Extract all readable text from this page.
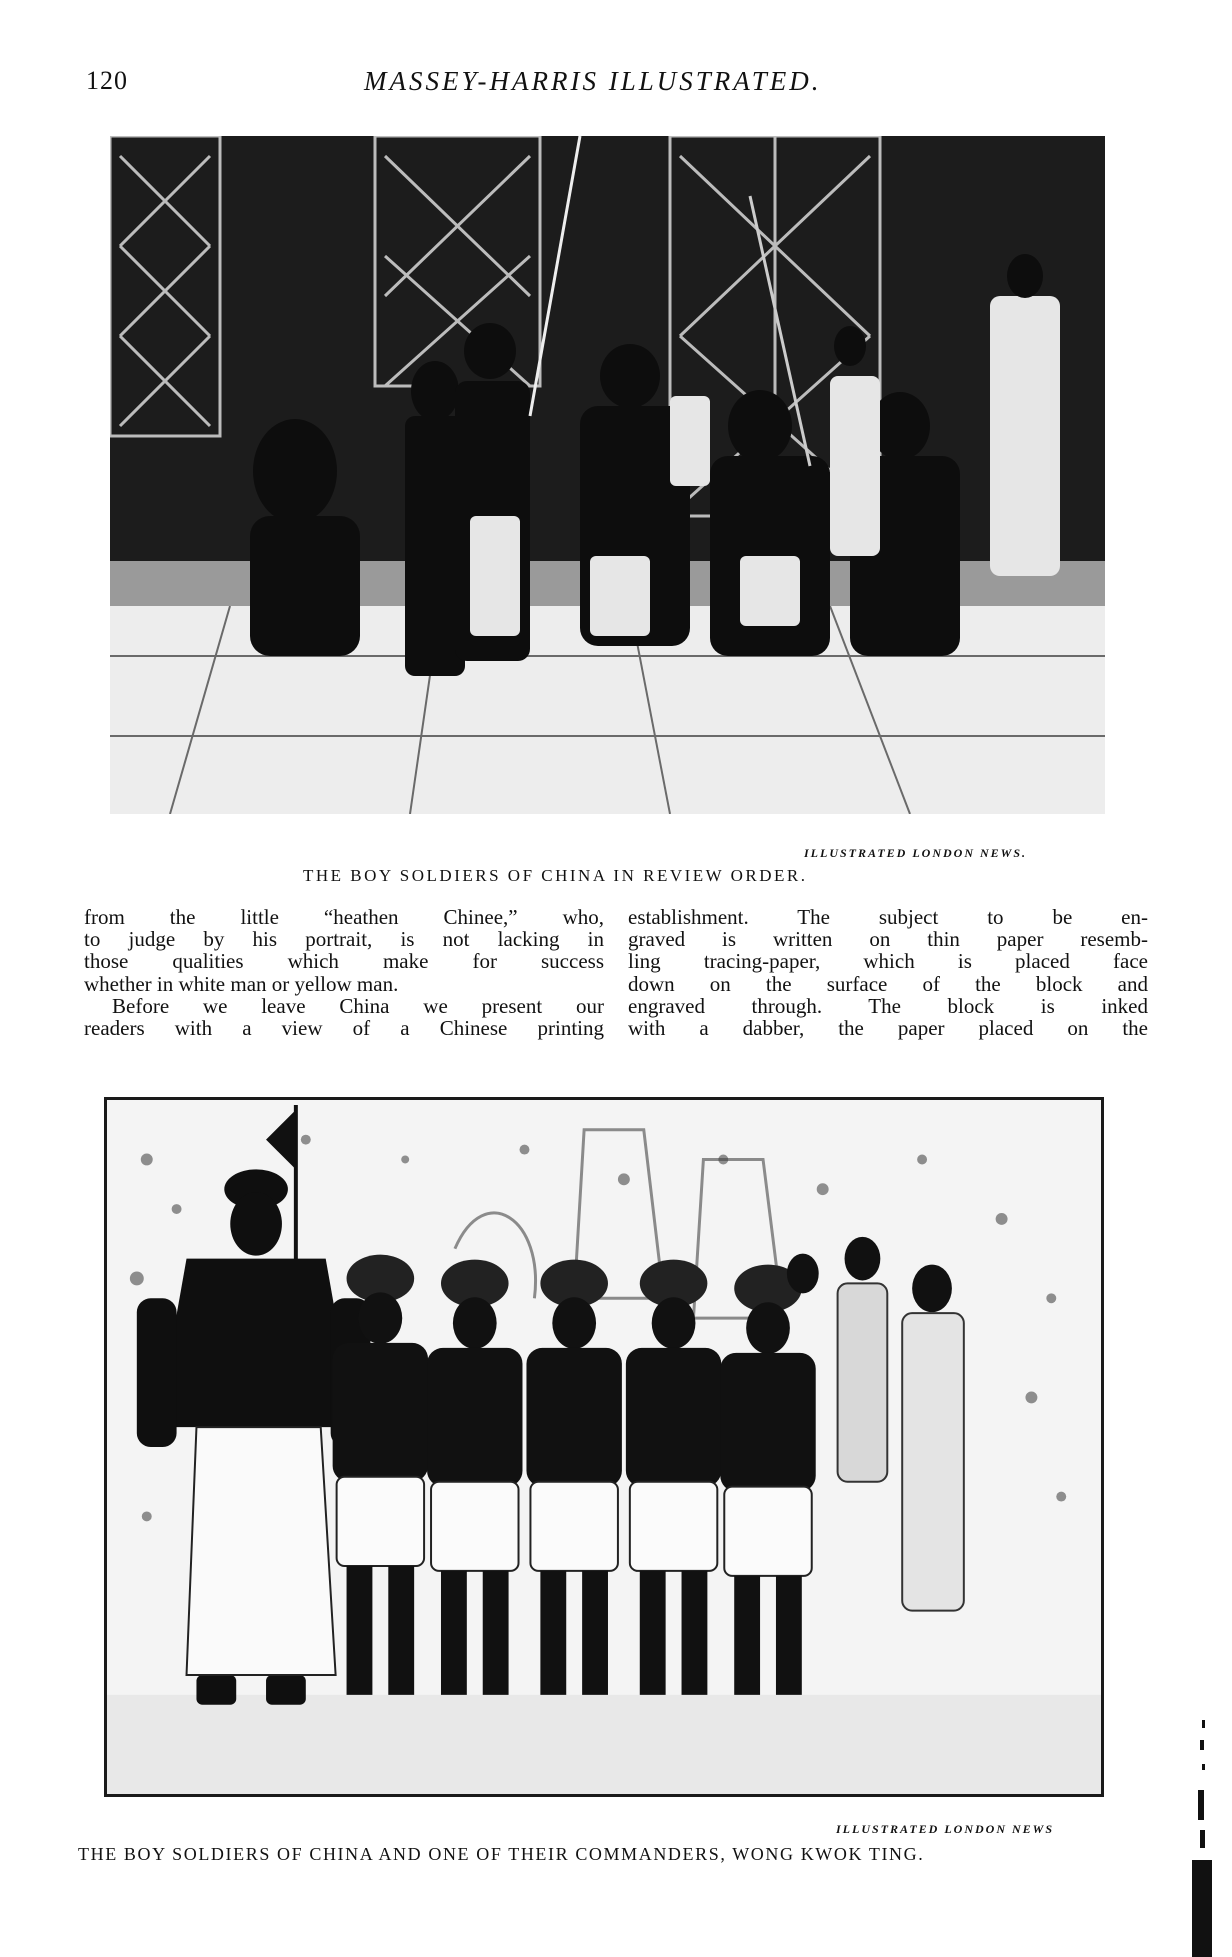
120	MASSEY-HARRIS ILLUSTRATED.
ILLUSTRATED LONDON NEWS.
THE BOY SOLDIERS OF CHINA IN REVIEW ORDER.
from the little “heathen Chinee,” who,
to judge by his portrait, is not lacking in
those qualities which make for success
whether in white man or yellow man.
Before we leave China we present our
readers with a view of a Chinese printing
establishment. The subject to be en-
graved is written on thin paper resemb-
ling tracing-paper, which is placed face
down on the surface of the block and
engraved through. The block is inked
with a dabber, the paper placed on the
ILLUSTRATED LONDON NEWS
THE BOY SOLDIERS OF CHINA AND ONE OF THEIR COMMANDERS, WONG KWOK TING.
